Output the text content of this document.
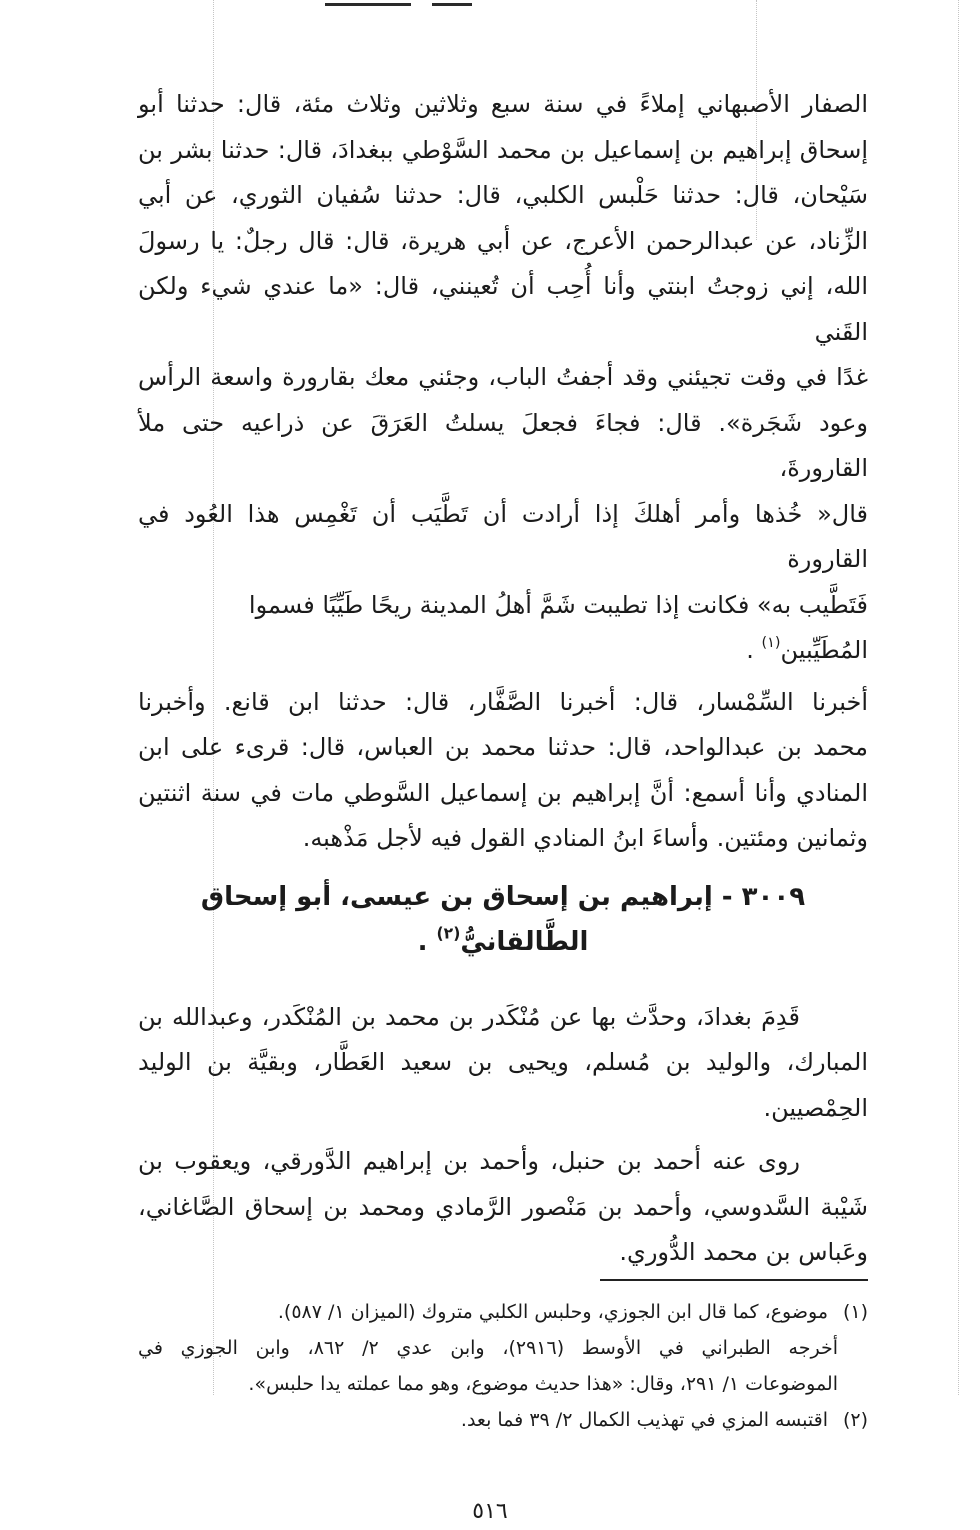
الصفار الأصبهاني إملاءً في سنة سبع وثلاثين وثلاث مئة، قال: حدثنا أبو
إسحاق إبراهيم بن إسماعيل بن محمد السَّوْطي ببغدادَ، قال: حدثنا بشر بن
سَيْحان، قال: حدثنا حَلْبس الكلبي، قال: حدثنا سُفيان الثوري، عن أبي
الزِّناد، عن عبدالرحمن الأعرج، عن أبي هريرة، قال: قال رجلٌ: يا رسولَ
الله، إني زوجتُ ابنتي وأنا أُحِب أن تُعينني، قال: «ما عندي شيء ولكن القَني
غدًا في وقت تجيئني وقد أجفتُ الباب، وجئني معك بقارورة واسعة الرأس
وعود شَجَرة». قال: فجاءَ فجعلَ يسلتُ العَرَقَ عن ذراعيه حتى ملأ القارورةَ،
قال« خُذها وأمر أهلكَ إذا أرادت أن تَطَّيَب أن تَغْمِس هذا العُود في القارورة
فَتَطَّيب به» فكانت إذا تطيبت شَمَّ أهلُ المدينة ريحًا طَيِّبًا فسموا المُطَيِّبين$^{(١)}$ .
أخبرنا السِّمْسار، قال: أخبرنا الصَّفَّار، قال: حدثنا ابن قانع. وأخبرنا
محمد بن عبدالواحد، قال: حدثنا محمد بن العباس، قال: قرىء على ابن
المنادي وأنا أسمع: أنَّ إبراهيم بن إسماعيل السَّوطي مات في سنة اثنتين
وثمانين ومئتين. وأساءَ ابنُ المنادي القول فيه لأجل مَذْهبه.
٣٠٠٩ - إبراهيم بن إسحاق بن عيسى، أبو إسحاق الطَّالقانيُّ$^{(٢)}$ .
قَدِمَ بغدادَ، وحدَّث بها عن مُنْكَدر بن محمد بن المُنْكَدر، وعبدالله بن
المبارك، والوليد بن مُسلم، ويحيى بن سعيد العَطَّار، وبقيَّة بن الوليد
الحِمْصيين.
روى عنه أحمد بن حنبل، وأحمد بن إبراهيم الدَّورقي، ويعقوب بن
شَيْبة السَّدوسي، وأحمد بن مَنْصور الرَّمادي ومحمد بن إسحاق الصَّاغاني،
وعَباس بن محمد الدُّوري.
(١)موضوع، كما قال ابن الجوزي، وحلبس الكلبي متروك (الميزان ١/ ٥٨٧).
أخرجه الطبراني في الأوسط (٢٩١٦)، وابن عدي ٢/ ٨٦٢، وابن الجوزي في
الموضوعات ١/ ٢٩١، وقال: «هذا حديث موضوع، وهو مما عملته يدا حلبس».
(٢)اقتبسه المزي في تهذيب الكمال ٢/ ٣٩ فما بعد.
٥١٦
